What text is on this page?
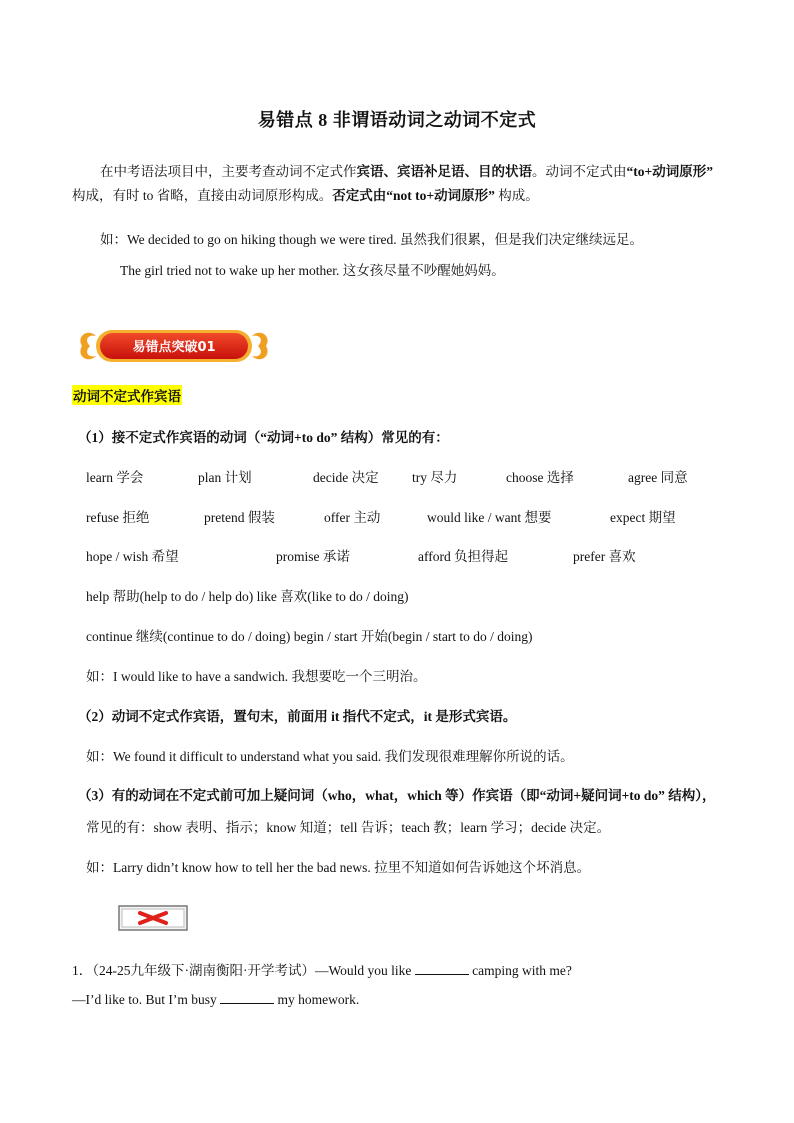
易错点 8 非谓语动词之动词不定式

在中考语法项目中，主要考查动词不定式作宾语、宾语补足语、目的状语。动词不定式由“to+动词原形”

构成，有时 to 省略，直接由动词原形构成。否定式由“not to+动词原形” 构成。

如：We decided to go on hiking though we were tired. 虽然我们很累，但是我们决定继续远足。
The girl tried not to wake up her mother. 这女孩尽量不吵醒她妈妈。
易错点突破01
动词不定式作宾语
（1）接不定式作宾语的动词（“动词+to do” 结构）常见的有：
learn 学会	plan 计划	decide 决定 try 尽力	choose 选择	agree 同意
refuse 拒绝	pretend 假装	offer 主动	would like / want 想要	expect 期望
hope / wish 希望	promise 承诺	afford 负担得起	prefer 喜欢
help 帮助(help to do / help do) like 喜欢(like to do / doing)
continue 继续(continue to do / doing) begin / start 开始(begin / start to do / doing)
如：I would like to have a sandwich. 我想要吃一个三明治。
（2）动词不定式作宾语，置句末，前面用 it 指代不定式，it 是形式宾语。
如：We found it difficult to understand what you said. 我们发现很难理解你所说的话。
（3）有的动词在不定式前可加上疑问词（who，what，which 等）作宾语（即“动词+疑问词+to do” 结构），
常见的有：show 表明、指示；know 知道；tell 告诉；teach 教；learn 学习；decide 决定。
如：Larry didn’t know how to tell her the bad news. 拉里不知道如何告诉她这个坏消息。
1．（24-25九年级下·湖南衡阳·开学考试）—Would you like	camping with me?
—I’d like to. But I’m busy	my homework.
